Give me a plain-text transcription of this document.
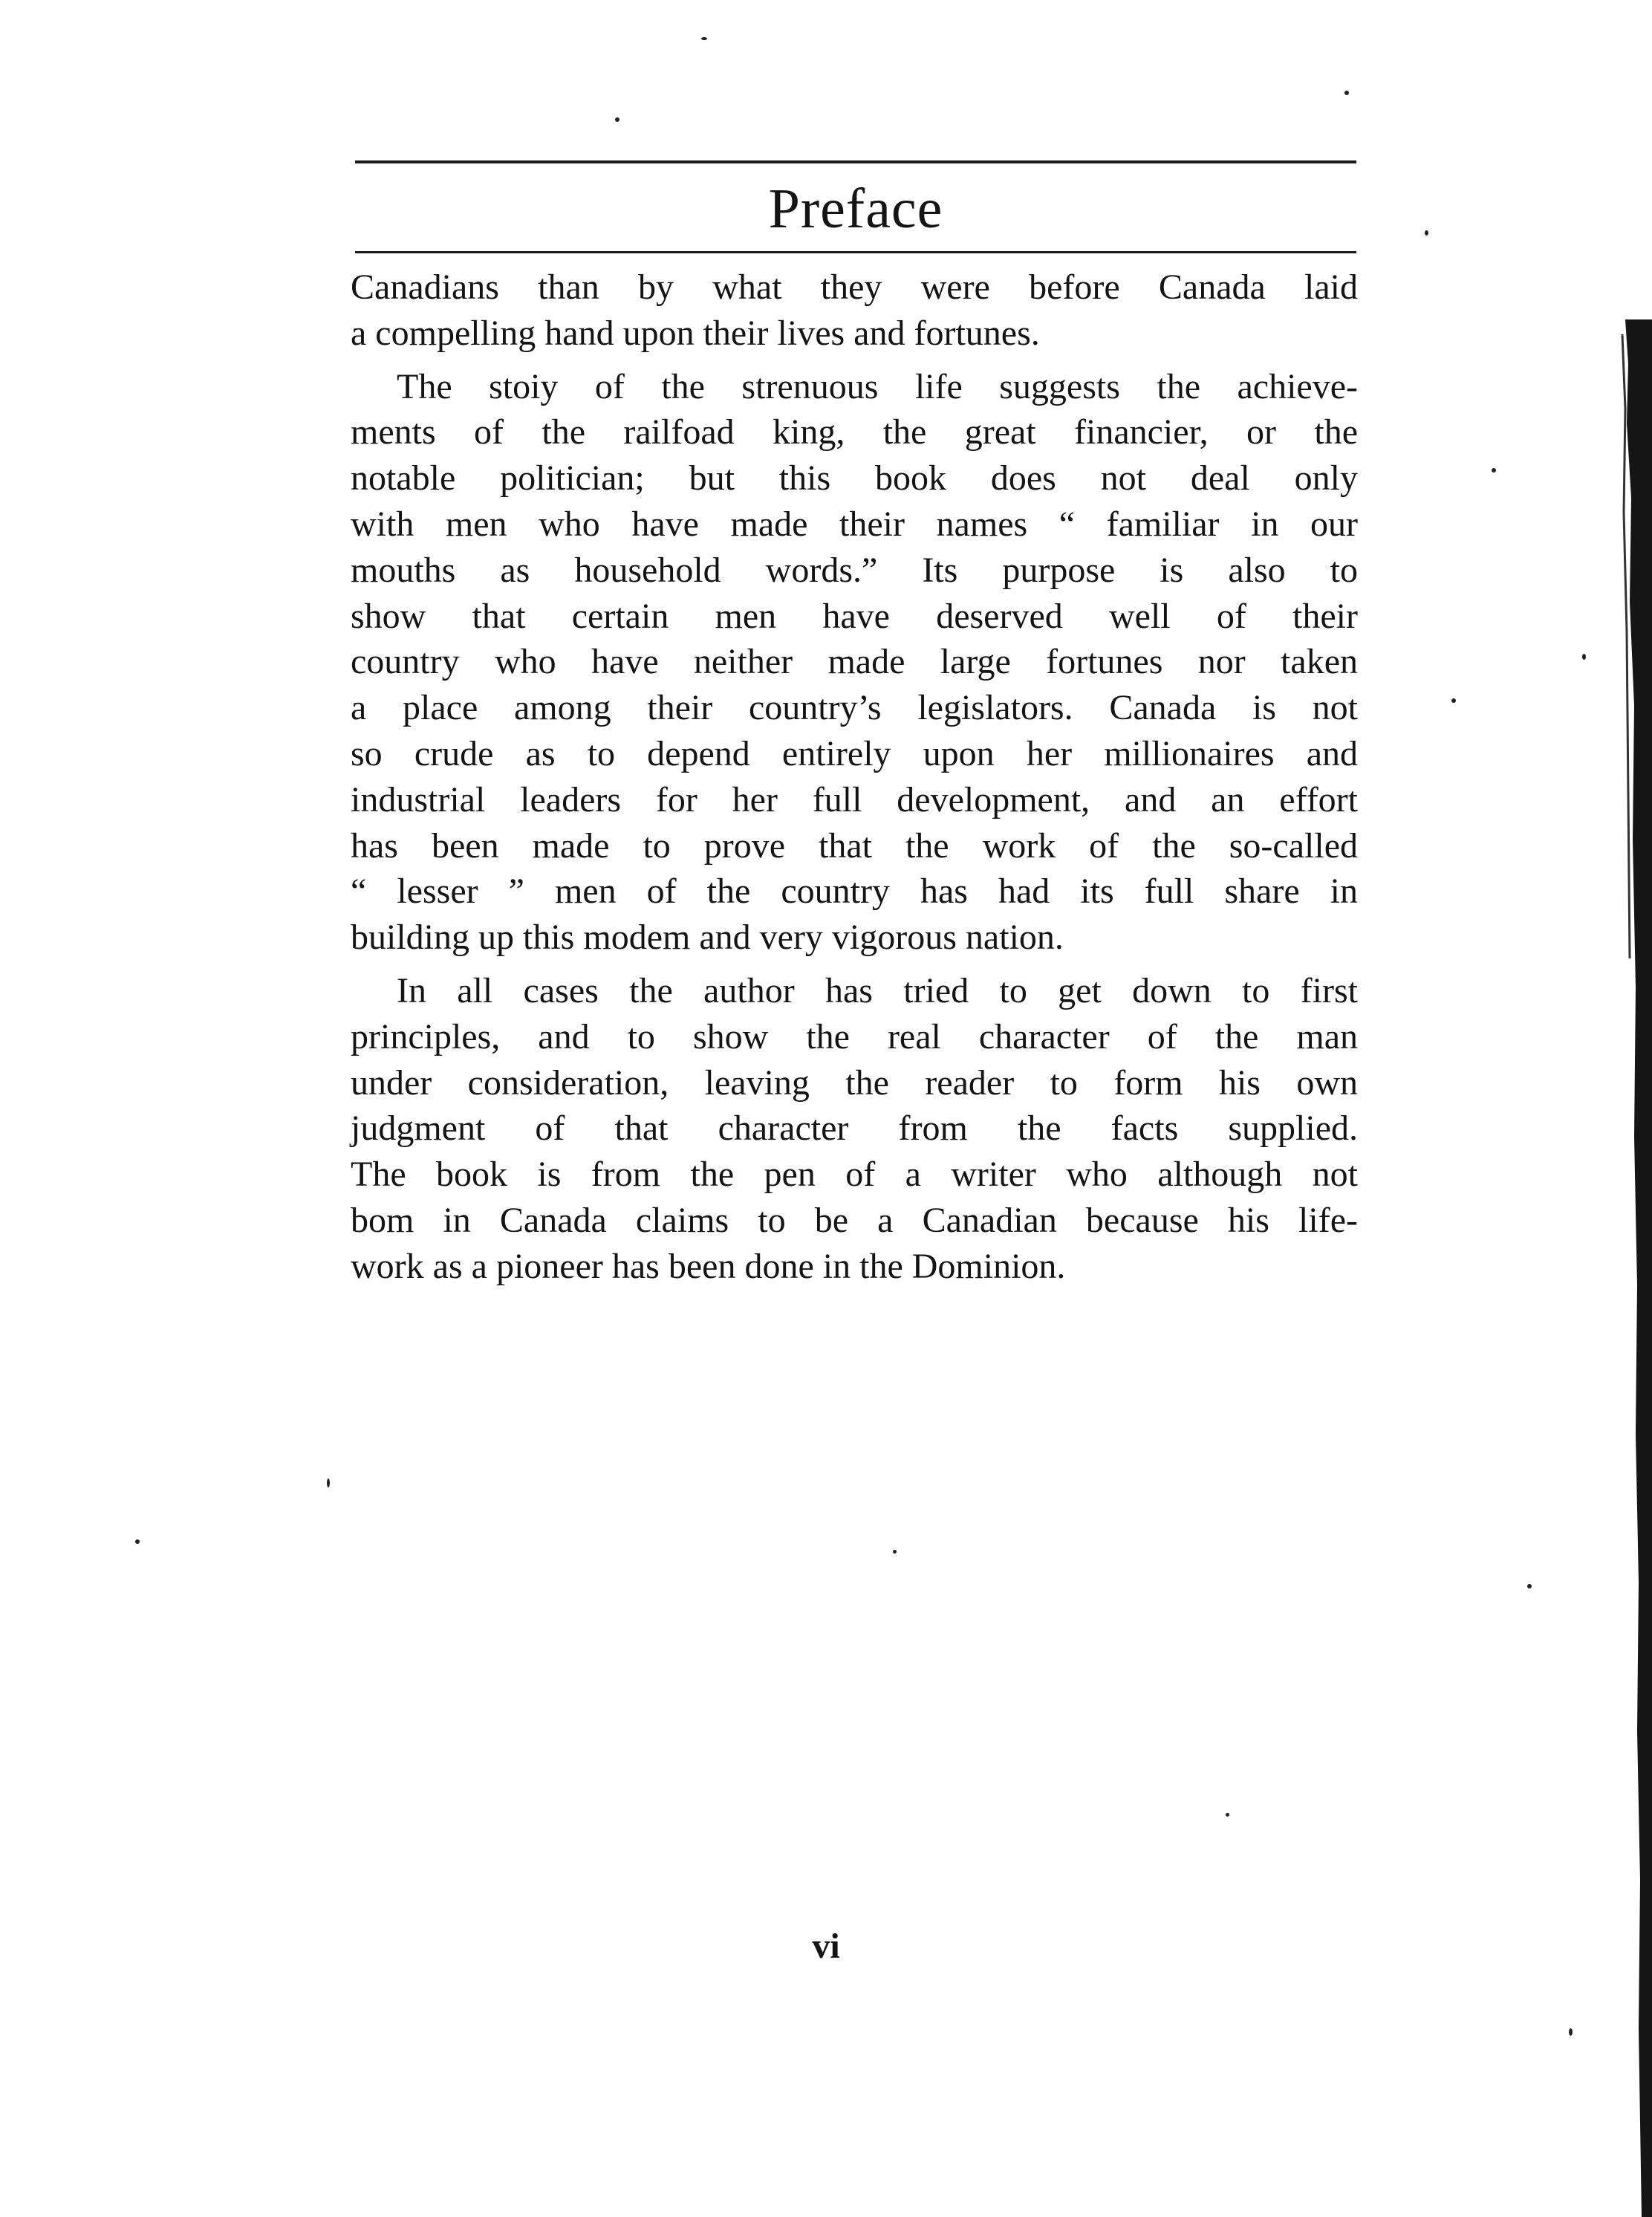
Preface
Canadians than by what they were before Canada laid
a compelling hand upon their lives and fortunes.
The stoiy of the strenuous life suggests the achieve-
ments of the railfoad king, the great financier, or the
notable politician; but this book does not deal only
with men who have made their names “ familiar in our
mouths as household words.” Its purpose is also to
show that certain men have deserved well of their
country who have neither made large fortunes nor taken
a place among their country’s legislators. Canada is not
so crude as to depend entirely upon her millionaires and
industrial leaders for her full development, and an effort
has been made to prove that the work of the so-called
“ lesser ” men of the country has had its full share in
building up this modem and very vigorous nation.
In all cases the author has tried to get down to first
principles, and to show the real character of the man
under consideration, leaving the reader to form his own
judgment of that character from the facts supplied.
The book is from the pen of a writer who although not
bom in Canada claims to be a Canadian because his life-
work as a pioneer has been done in the Dominion.
vi
